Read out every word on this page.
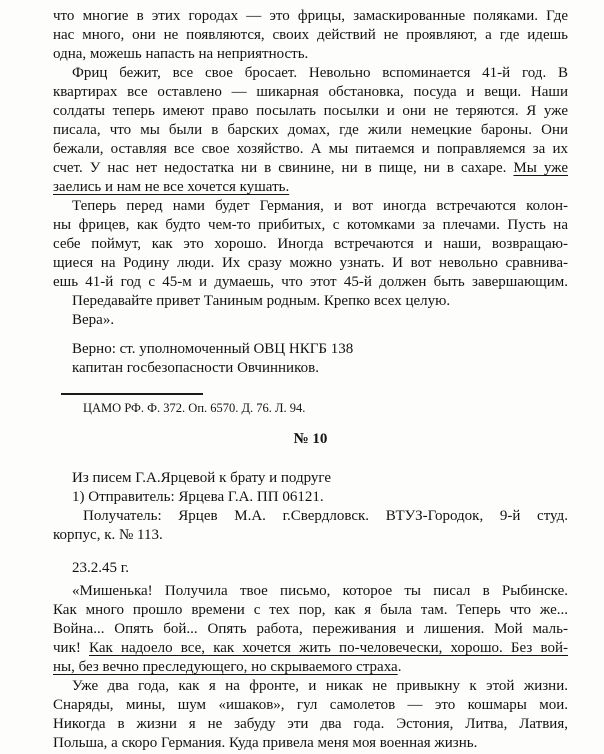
что многие в этих городах — это фрицы, замаскированные поляками. Где
нас много, они не появляются, своих действий не проявляют, а где идешь
одна, можешь напасть на неприятность.
Фриц бежит, все свое бросает. Невольно вспоминается 41-й год. В
квартирах все оставлено — шикарная обстановка, посуда и вещи. Наши
солдаты теперь имеют право посылать посылки и они не теряются. Я уже
писала, что мы были в барских домах, где жили немецкие бароны. Они
бежали, оставляя все свое хозяйство. А мы питаемся и поправляемся за их
счет. У нас нет недостатка ни в свинине, ни в пище, ни в сахаре. Мы уже
заелись и нам не все хочется кушать.
Теперь перед нами будет Германия, и вот иногда встречаются колон-
ны фрицев, как будто чем-то прибитых, с котомками за плечами. Пусть на
себе поймут, как это хорошо. Иногда встречаются и наши, возвращаю-
щиеся на Родину люди. Их сразу можно узнать. И вот невольно сравнива-
ешь 41-й год с 45-м и думаешь, что этот 45-й должен быть завершающим.
Передавайте привет Таниным родным. Крепко всех целую.
Вера».
Верно: ст. уполномоченный ОВЦ НКГБ 138
капитан госбезопасности Овчинников.
ЦАМО РФ. Ф. 372. Оп. 6570. Д. 76. Л. 94.
№ 10
Из писем Г.А.Ярцевой к брату и подруге
1) Отправитель: Ярцева Г.А. ПП 06121.
Получатель: Ярцев М.А. г.Свердловск. ВТУЗ-Городок, 9-й студ.
корпус, к. № 113.
23.2.45 г.
«Мишенька! Получила твое письмо, которое ты писал в Рыбинске.
Как много прошло времени с тех пор, как я была там. Теперь что же...
Война... Опять бой... Опять работа, переживания и лишения. Мой маль-
чик! Как надоело все, как хочется жить по-человечески, хорошо. Без вой-
ны, без вечно преследующего, но скрываемого страха.
Уже два года, как я на фронте, и никак не привыкну к этой жизни.
Снаряды, мины, шум «ишаков», гул самолетов — это кошмары мои.
Никогда в жизни я не забуду эти два года. Эстония, Литва, Латвия,
Польша, а скоро Германия. Куда привела меня моя военная жизнь.
